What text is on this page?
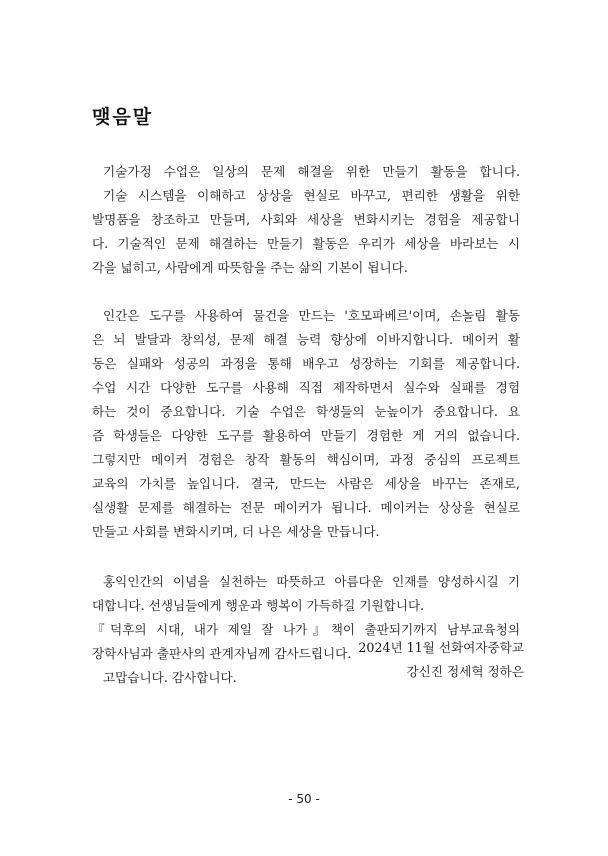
맺음말
기술가정 수업은 일상의 문제 해결을 위한 만들기 활동을 합니다.
기술 시스템을 이해하고 상상을 현실로 바꾸고, 편리한 생활을 위한
발명품을 창조하고 만들며, 사회와 세상을 변화시키는 경험을 제공합니
다. 기술적인 문제 해결하는 만들기 활동은 우리가 세상을 바라보는 시
각을 넓히고, 사람에게 따뜻함을 주는 삶의 기본이 됩니다.
인간은 도구를 사용하여 물건을 만드는 '호모파베르'이며, 손놀림 활동
은 뇌 발달과 창의성, 문제 해결 능력 향상에 이바지합니다. 메이커 활
동은 실패와 성공의 과정을 통해 배우고 성장하는 기회를 제공합니다.
수업 시간 다양한 도구를 사용해 직접 제작하면서 실수와 실패를 경험
하는 것이 중요합니다. 기술 수업은 학생들의 눈높이가 중요합니다. 요
즘 학생들은 다양한 도구를 활용하여 만들기 경험한 게 거의 없습니다.
그렇지만 메이커 경험은 창작 활동의 핵심이며, 과정 중심의 프로젝트
교육의 가치를 높입니다. 결국, 만드는 사람은 세상을 바꾸는 존재로,
실생활 문제를 해결하는 전문 메이커가 됩니다. 메이커는 상상을 현실로
만들고 사회를 변화시키며, 더 나은 세상을 만듭니다.
홍익인간의 이념을 실천하는 따뜻하고 아름다운 인재를 양성하시길 기
대합니다. 선생님들에게 행운과 행복이 가득하길 기원합니다.
『덕후의 시대, 내가 제일 잘 나가』책이 출판되기까지 남부교육청의
장학사님과 출판사의 관계자님께 감사드립니다.
고맙습니다. 감사합니다.
2024년 11월 선화여자중학교
강신진 정세혁 정하은
- 50 -
